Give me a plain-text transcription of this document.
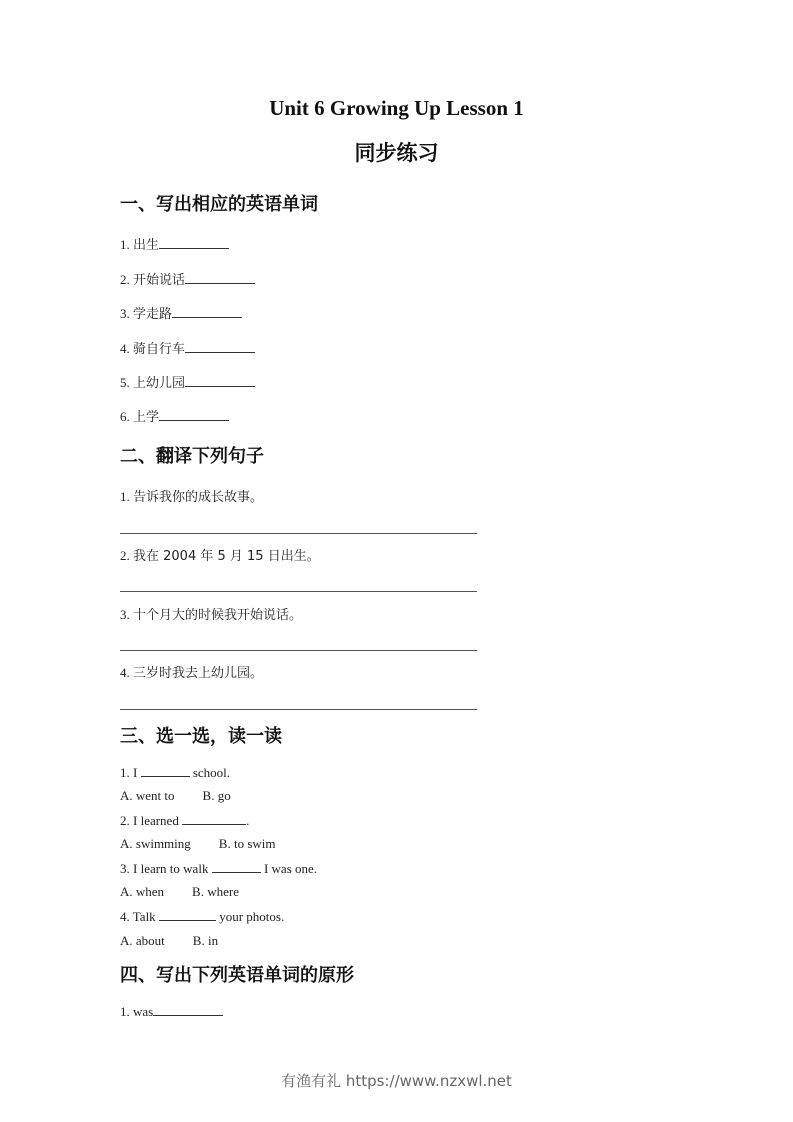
Unit 6 Growing Up Lesson 1
同步练习
一、写出相应的英语单词
1. 出生
2. 开始说话
3. 学走路
4. 骑自行车
5. 上幼儿园
6. 上学
二、翻译下列句子
1. 告诉我你的成长故事。
2. 我在 2004 年 5 月 15 日出生。
3. 十个月大的时候我开始说话。
4. 三岁时我去上幼儿园。
三、选一选，读一读
1. I	school.
A. went to B. go
2. I learned	.
A. swimming B. to swim
3. I learn to walk	I was one.
A. when B. where
4. Talk	your photos.
A. about B. in
四、写出下列英语单词的原形
1. was
有渔有礼 https://www.nzxwl.net
